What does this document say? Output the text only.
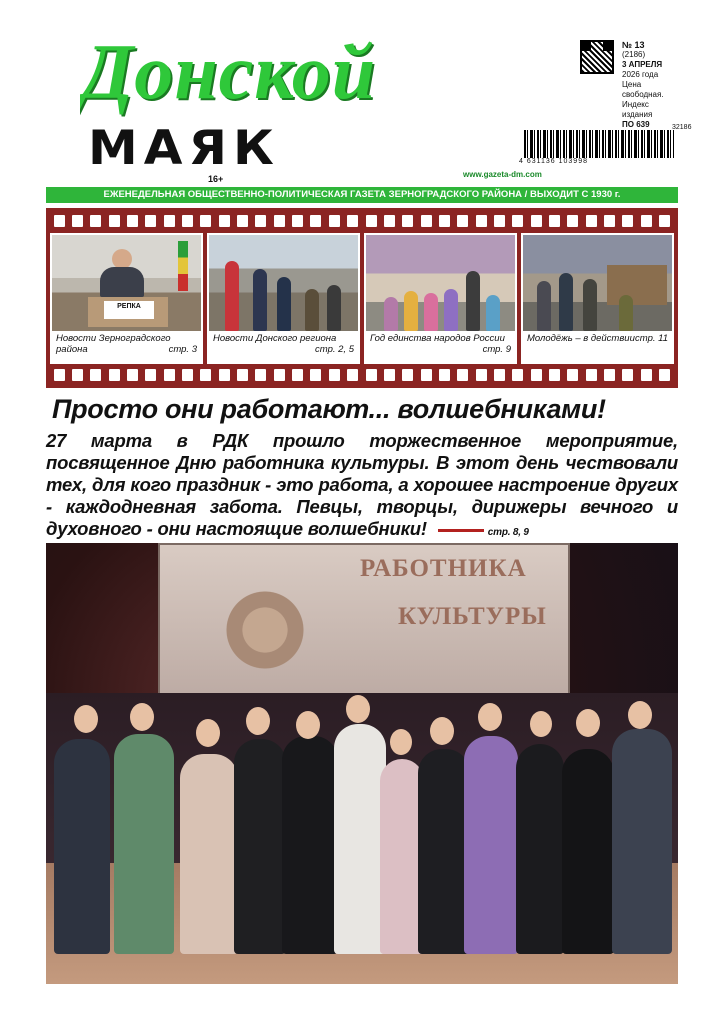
Донской
МАЯК
16+	www.gazeta-dm.com
№ 13
(2186)
3 АПРЕЛЯ
2026 года
Цена
свободная.
Индекс
издания
ПО 639
4 631136 103998
32186
ЕЖЕНЕДЕЛЬНАЯ ОБЩЕСТВЕННО-ПОЛИТИЧЕСКАЯ ГАЗЕТА ЗЕРНОГРАДСКОГО РАЙОНА / ВЫХОДИТ С 1930 г.
РЕПКА
Новости Зерноградского района	стр. 3
Новости Донского региона
стр. 2, 5
Год единства народов России
стр. 9
Молодёжь – в действии стр. 11
Просто они работают... волшебниками!
27 марта в РДК прошло торжественное мероприятие, посвященное Дню работника культуры. В этот день чествовали тех, для кого праздник - это работа, а хорошее настроение других - каждодневная забота. Певцы, творцы, дирижеры вечного и духовного - они настоящие волшебники!	стр. 8, 9
РАБОТНИКА
КУЛЬТУРЫ
